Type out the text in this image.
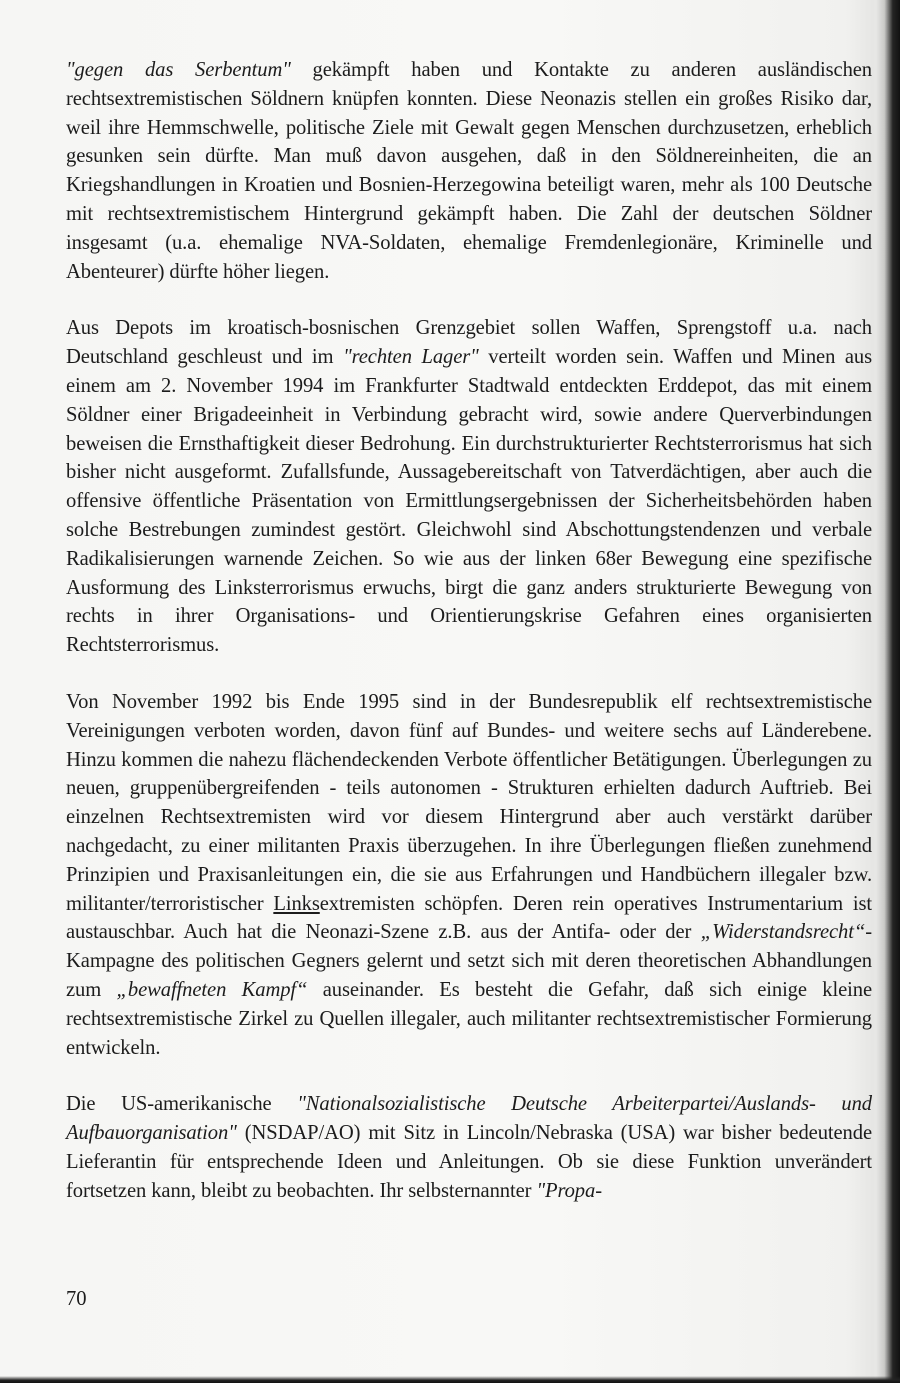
"gegen das Serbentum" gekämpft haben und Kontakte zu anderen ausländischen rechtsextremistischen Söldnern knüpfen konnten. Diese Neonazis stellen ein großes Risiko dar, weil ihre Hemmschwelle, politische Ziele mit Gewalt gegen Menschen durchzusetzen, erheblich gesunken sein dürfte. Man muß davon ausgehen, daß in den Söldnereinheiten, die an Kriegshandlungen in Kroatien und Bosnien-Herzegowina beteiligt waren, mehr als 100 Deutsche mit rechtsextremistischem Hintergrund gekämpft haben. Die Zahl der deutschen Söldner insgesamt (u.a. ehemalige NVA-Soldaten, ehemalige Fremdenlegionäre, Kriminelle und Abenteurer) dürfte höher liegen.

Aus Depots im kroatisch-bosnischen Grenzgebiet sollen Waffen, Sprengstoff u.a. nach Deutschland geschleust und im "rechten Lager" verteilt worden sein. Waffen und Minen aus einem am 2. November 1994 im Frankfurter Stadtwald entdeckten Erddepot, das mit einem Söldner einer Brigadeeinheit in Verbindung gebracht wird, sowie andere Querverbindungen beweisen die Ernsthaftigkeit dieser Bedrohung. Ein durchstrukturierter Rechtsterrorismus hat sich bisher nicht ausgeformt. Zufallsfunde, Aussagebereitschaft von Tatverdächtigen, aber auch die offensive öffentliche Präsentation von Ermittlungsergebnissen der Sicherheitsbehörden haben solche Bestrebungen zumindest gestört. Gleichwohl sind Abschottungstendenzen und verbale Radikalisierungen warnende Zeichen. So wie aus der linken 68er Bewegung eine spezifische Ausformung des Linksterrorismus erwuchs, birgt die ganz anders strukturierte Bewegung von rechts in ihrer Organisations- und Orientierungskrise Gefahren eines organisierten Rechtsterrorismus.

Von November 1992 bis Ende 1995 sind in der Bundesrepublik elf rechtsextremistische Vereinigungen verboten worden, davon fünf auf Bundes- und weitere sechs auf Länderebene. Hinzu kommen die nahezu flächendeckenden Verbote öffentlicher Betätigungen. Überlegungen zu neuen, gruppenübergreifenden - teils autonomen - Strukturen erhielten dadurch Auftrieb. Bei einzelnen Rechtsextremisten wird vor diesem Hintergrund aber auch verstärkt darüber nachgedacht, zu einer militanten Praxis überzugehen. In ihre Überlegungen fließen zunehmend Prinzipien und Praxisanleitungen ein, die sie aus Erfahrungen und Handbüchern illegaler bzw. militanter/terroristischer Linksextremisten schöpfen. Deren rein operatives Instrumentarium ist austauschbar. Auch hat die Neonazi-Szene z.B. aus der Antifa- oder der „Widerstandsrecht“-Kampagne des politischen Gegners gelernt und setzt sich mit deren theoretischen Abhandlungen zum „bewaffneten Kampf“ auseinander. Es besteht die Gefahr, daß sich einige kleine rechtsextremistische Zirkel zu Quellen illegaler, auch militanter rechtsextremistischer Formierung entwickeln.

Die US-amerikanische "Nationalsozialistische Deutsche Arbeiterpartei/Auslands- und Aufbauorganisation" (NSDAP/AO) mit Sitz in Lincoln/Nebraska (USA) war bisher bedeutende Lieferantin für entsprechende Ideen und Anleitungen. Ob sie diese Funktion unverändert fortsetzen kann, bleibt zu beobachten. Ihr selbsternannter "Propa-

70
